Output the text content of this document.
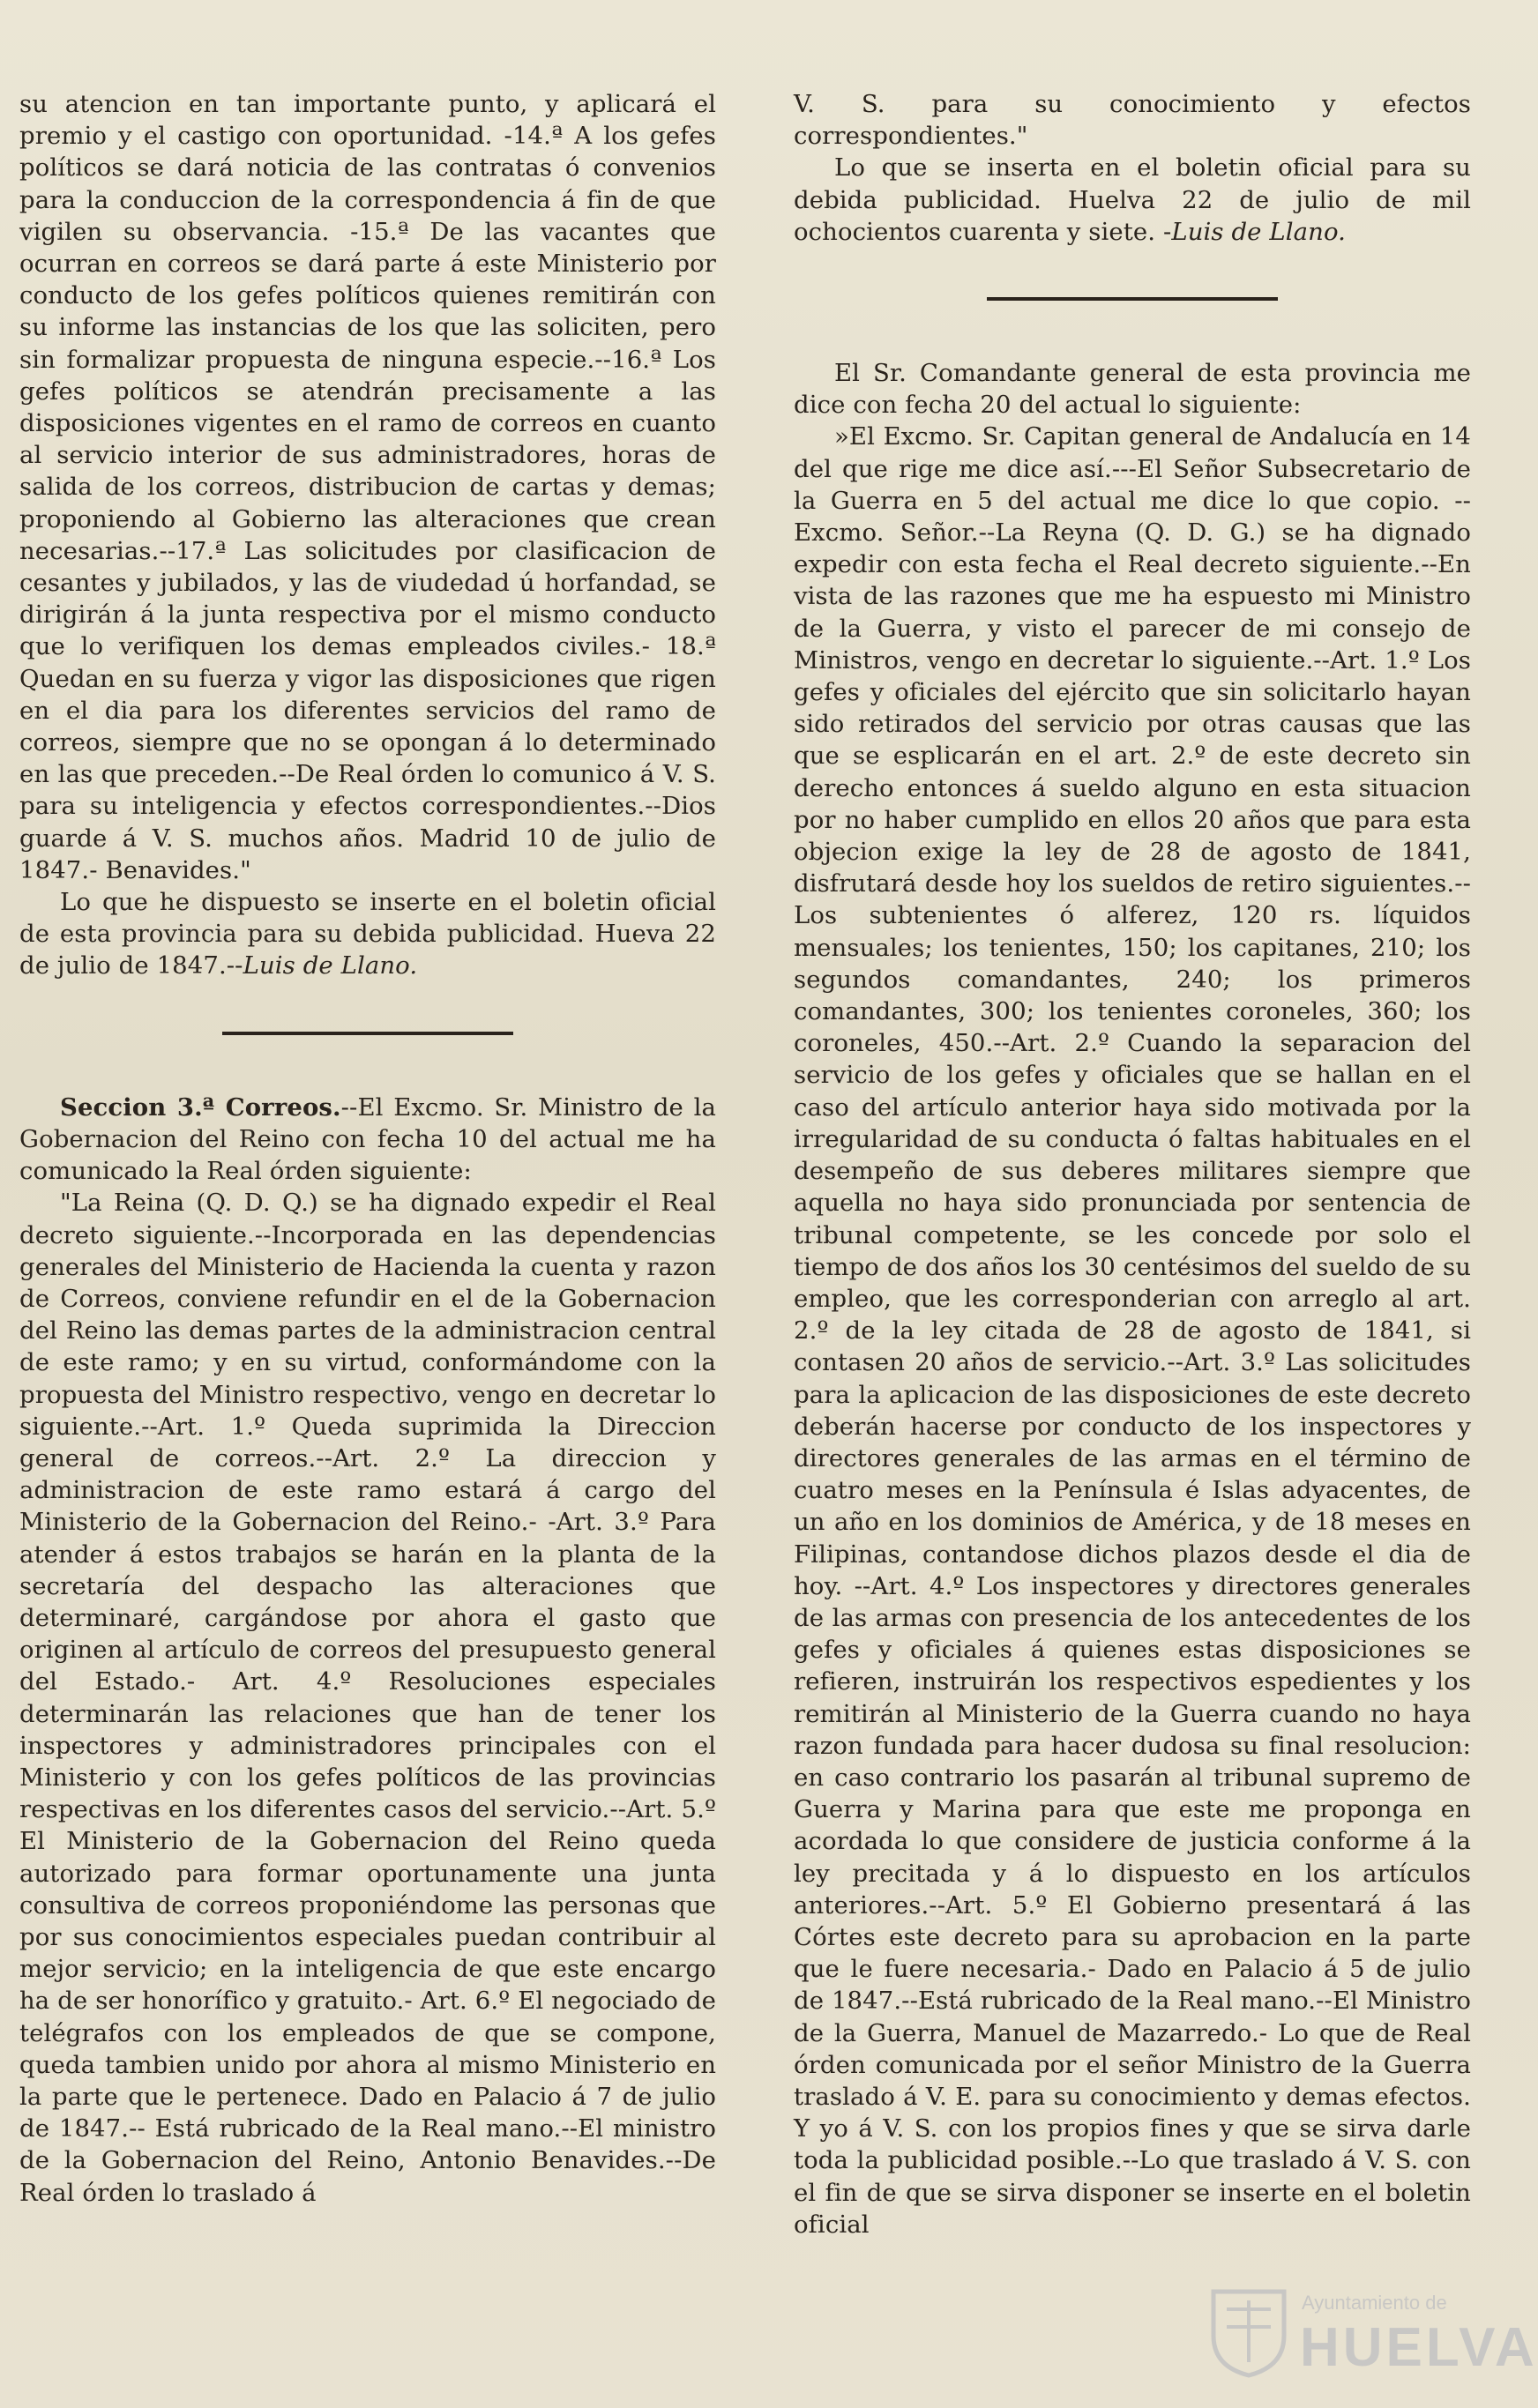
su atencion en tan importante punto, y aplicará el premio y el castigo con oportunidad. -14.ª A los gefes políticos se dará noticia de las contratas ó convenios para la conduccion de la correspondencia á fin de que vigilen su observancia. -15.ª De las vacantes que ocurran en correos se dará parte á este Ministerio por conducto de los gefes políticos quienes remitirán con su informe las instancias de los que las soliciten, pero sin formalizar propuesta de ninguna especie.--16.ª Los gefes políticos se atendrán precisamente a las disposiciones vigentes en el ramo de correos en cuanto al servicio interior de sus administradores, horas de salida de los correos, distribucion de cartas y demas; proponiendo al Gobierno las alteraciones que crean necesarias.--17.ª Las solicitudes por clasificacion de cesantes y jubilados, y las de viudedad ú horfandad, se dirigirán á la junta respectiva por el mismo conducto que lo verifiquen los demas empleados civiles.- 18.ª Quedan en su fuerza y vigor las disposiciones que rigen en el dia para los diferentes servicios del ramo de correos, siempre que no se opongan á lo determinado en las que preceden.--De Real órden lo comunico á V. S. para su inteligencia y efectos correspondientes.--Dios guarde á V. S. muchos años. Madrid 10 de julio de 1847.- Benavides."

Lo que he dispuesto se inserte en el boletin oficial de esta provincia para su debida publicidad. Hueva 22 de julio de 1847.--Luis de Llano.

Seccion 3.ª Correos.--El Excmo. Sr. Ministro de la Gobernacion del Reino con fecha 10 del actual me ha comunicado la Real órden siguiente:

"La Reina (Q. D. Q.) se ha dignado expedir el Real decreto siguiente.--Incorporada en las dependencias generales del Ministerio de Hacienda la cuenta y razon de Correos, conviene refundir en el de la Gobernacion del Reino las demas partes de la administracion central de este ramo; y en su virtud, conformándome con la propuesta del Ministro respectivo, vengo en decretar lo siguiente.--Art. 1.º Queda suprimida la Direccion general de correos.--Art. 2.º La direccion y administracion de este ramo estará á cargo del Ministerio de la Gobernacion del Reino.- -Art. 3.º Para atender á estos trabajos se harán en la planta de la secretaría del despacho las alteraciones que determinaré, cargándose por ahora el gasto que originen al artículo de correos del presupuesto general del Estado.- Art. 4.º Resoluciones especiales determinarán las relaciones que han de tener los inspectores y administradores principales con el Ministerio y con los gefes políticos de las provincias respectivas en los diferentes casos del servicio.--Art. 5.º El Ministerio de la Gobernacion del Reino queda autorizado para formar oportunamente una junta consultiva de correos proponiéndome las personas que por sus conocimientos especiales puedan contribuir al mejor servicio; en la inteligencia de que este encargo ha de ser honorífico y gratuito.- Art. 6.º El negociado de telégrafos con los empleados de que se compone, queda tambien unido por ahora al mismo Ministerio en la parte que le pertenece. Dado en Palacio á 7 de julio de 1847.-- Está rubricado de la Real mano.--El ministro de la Gobernacion del Reino, Antonio Benavides.--De Real órden lo traslado á

V. S. para su conocimiento y efectos correspondientes."

Lo que se inserta en el boletin oficial para su debida publicidad. Huelva 22 de julio de mil ochocientos cuarenta y siete. -Luis de Llano.

El Sr. Comandante general de esta provincia me dice con fecha 20 del actual lo siguiente:

»El Excmo. Sr. Capitan general de Andalucía en 14 del que rige me dice así.---El Señor Subsecretario de la Guerra en 5 del actual me dice lo que copio. --Excmo. Señor.--La Reyna (Q. D. G.) se ha dignado expedir con esta fecha el Real decreto siguiente.--En vista de las razones que me ha espuesto mi Ministro de la Guerra, y visto el parecer de mi consejo de Ministros, vengo en decretar lo siguiente.--Art. 1.º Los gefes y oficiales del ejército que sin solicitarlo hayan sido retirados del servicio por otras causas que las que se esplicarán en el art. 2.º de este decreto sin derecho entonces á sueldo alguno en esta situacion por no haber cumplido en ellos 20 años que para esta objecion exige la ley de 28 de agosto de 1841, disfrutará desde hoy los sueldos de retiro siguientes.--Los subtenientes ó alferez, 120 rs. líquidos mensuales; los tenientes, 150; los capitanes, 210; los segundos comandantes, 240; los primeros comandantes, 300; los tenientes coroneles, 360; los coroneles, 450.--Art. 2.º Cuando la separacion del servicio de los gefes y oficiales que se hallan en el caso del artículo anterior haya sido motivada por la irregularidad de su conducta ó faltas habituales en el desempeño de sus deberes militares siempre que aquella no haya sido pronunciada por sentencia de tribunal competente, se les concede por solo el tiempo de dos años los 30 centésimos del sueldo de su empleo, que les corresponderian con arreglo al art. 2.º de la ley citada de 28 de agosto de 1841, si contasen 20 años de servicio.--Art. 3.º Las solicitudes para la aplicacion de las disposiciones de este decreto deberán hacerse por conducto de los inspectores y directores generales de las armas en el término de cuatro meses en la Península é Islas adyacentes, de un año en los dominios de América, y de 18 meses en Filipinas, contandose dichos plazos desde el dia de hoy. --Art. 4.º Los inspectores y directores generales de las armas con presencia de los antecedentes de los gefes y oficiales á quienes estas disposiciones se refieren, instruirán los respectivos espedientes y los remitirán al Ministerio de la Guerra cuando no haya razon fundada para hacer dudosa su final resolucion: en caso contrario los pasarán al tribunal supremo de Guerra y Marina para que este me proponga en acordada lo que considere de justicia conforme á la ley precitada y á lo dispuesto en los artículos anteriores.--Art. 5.º El Gobierno presentará á las Córtes este decreto para su aprobacion en la parte que le fuere necesaria.- Dado en Palacio á 5 de julio de 1847.--Está rubricado de la Real mano.--El Ministro de la Guerra, Manuel de Mazarredo.- Lo que de Real órden comunicada por el señor Ministro de la Guerra traslado á V. E. para su conocimiento y demas efectos. Y yo á V. S. con los propios fines y que se sirva darle toda la publicidad posible.--Lo que traslado á V. S. con el fin de que se sirva disponer se inserte en el boletin oficial

Ayuntamiento de
HUELVA
